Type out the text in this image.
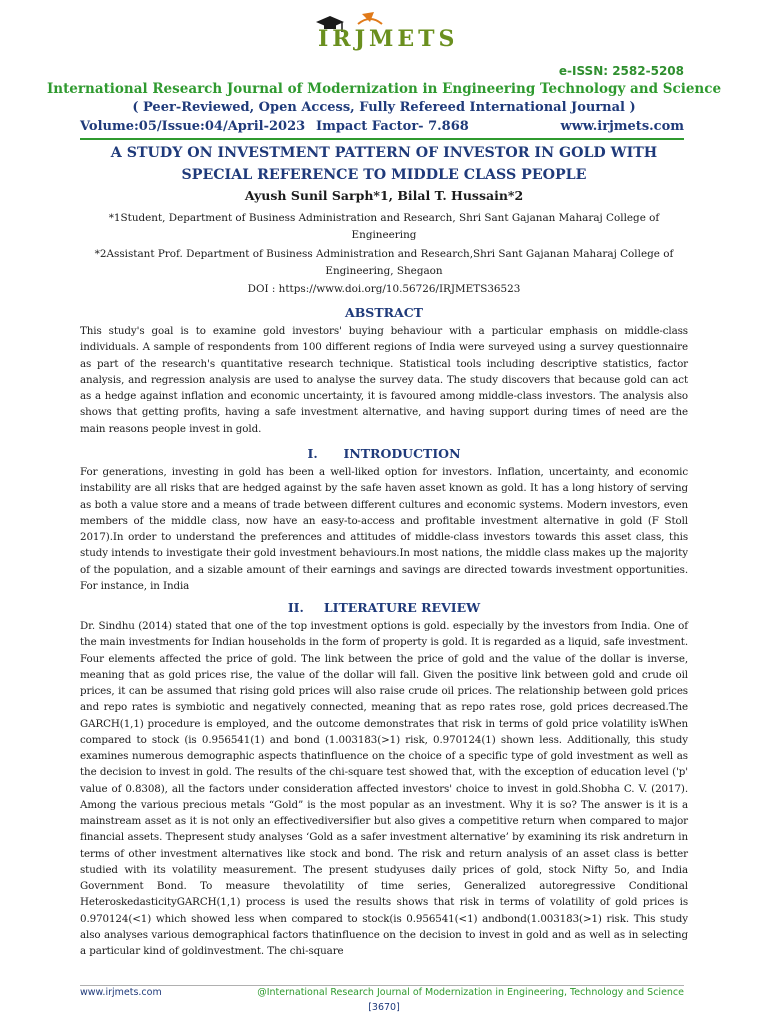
IRJMETS
e-ISSN: 2582-5208
International Research Journal of Modernization in Engineering Technology and Science
( Peer-Reviewed, Open Access, Fully Refereed International Journal )
Volume:05/Issue:04/April-2023 Impact Factor- 7.868	www.irjmets.com
A STUDY ON INVESTMENT PATTERN OF INVESTOR IN GOLD WITH SPECIAL REFERENCE TO MIDDLE CLASS PEOPLE
Ayush Sunil Sarph*1, Bilal T. Hussain*2
*1Student, Department of Business Administration and Research, Shri Sant Gajanan Maharaj College of Engineering
*2Assistant Prof. Department of Business Administration and Research,Shri Sant Gajanan Maharaj College of Engineering, Shegaon
DOI : https://www.doi.org/10.56726/IRJMETS36523
ABSTRACT
This study's goal is to examine gold investors' buying behaviour with a particular emphasis on middle-class individuals. A sample of respondents from 100 different regions of India were surveyed using a survey questionnaire as part of the research's quantitative research technique. Statistical tools including descriptive statistics, factor analysis, and regression analysis are used to analyse the survey data. The study discovers that because gold can act as a hedge against inflation and economic uncertainty, it is favoured among middle-class investors. The analysis also shows that getting profits, having a safe investment alternative, and having support during times of need are the main reasons people invest in gold.
I. INTRODUCTION
For generations, investing in gold has been a well-liked option for investors. Inflation, uncertainty, and economic instability are all risks that are hedged against by the safe haven asset known as gold. It has a long history of serving as both a value store and a means of trade between different cultures and economic systems. Modern investors, even members of the middle class, now have an easy-to-access and profitable investment alternative in gold (F Stoll 2017).In order to understand the preferences and attitudes of middle-class investors towards this asset class, this study intends to investigate their gold investment behaviours.In most nations, the middle class makes up the majority of the population, and a sizable amount of their earnings and savings are directed towards investment opportunities. For instance, in India
II. LITERATURE REVIEW
Dr. Sindhu (2014) stated that one of the top investment options is gold. especially by the investors from India. One of the main investments for Indian households in the form of property is gold. It is regarded as a liquid, safe investment. Four elements affected the price of gold. The link between the price of gold and the value of the dollar is inverse, meaning that as gold prices rise, the value of the dollar will fall. Given the positive link between gold and crude oil prices, it can be assumed that rising gold prices will also raise crude oil prices. The relationship between gold prices and repo rates is symbiotic and negatively connected, meaning that as repo rates rose, gold prices decreased.The GARCH(1,1) procedure is employed, and the outcome demonstrates that risk in terms of gold price volatility isWhen compared to stock (is 0.956541(1) and bond (1.003183(>1) risk, 0.970124(1) shown less. Additionally, this study examines numerous demographic aspects thatinfluence on the choice of a specific type of gold investment as well as the decision to invest in gold. The results of the chi-square test showed that, with the exception of education level ('p' value of 0.8308), all the factors under consideration affected investors' choice to invest in gold.Shobha C. V. (2017). Among the various precious metals “Gold” is the most popular as an investment. Why it is so? The answer is it is a mainstream asset as it is not only an effectivediversifier but also gives a competitive return when compared to major financial assets. Thepresent study analyses ‘Gold as a safer investment alternative’ by examining its risk andreturn in terms of other investment alternatives like stock and bond. The risk and return analysis of an asset class is better studied with its volatility measurement. The present studyuses daily prices of gold, stock Nifty 5o, and India Government Bond. To measure thevolatility of time series, Generalized autoregressive Conditional HeteroskedasticityGARCH(1,1) process is used the results shows that risk in terms of volatility of gold prices is 0.970124(<1) which showed less when compared to stock(is 0.956541(<1) andbond(1.003183(>1) risk. This study also analyses various demographical factors thatinfluence on the decision to invest in gold and as well as in selecting a particular kind of goldinvestment. The chi-square
www.irjmets.com	@International Research Journal of Modernization in Engineering, Technology and Science
[3670]
